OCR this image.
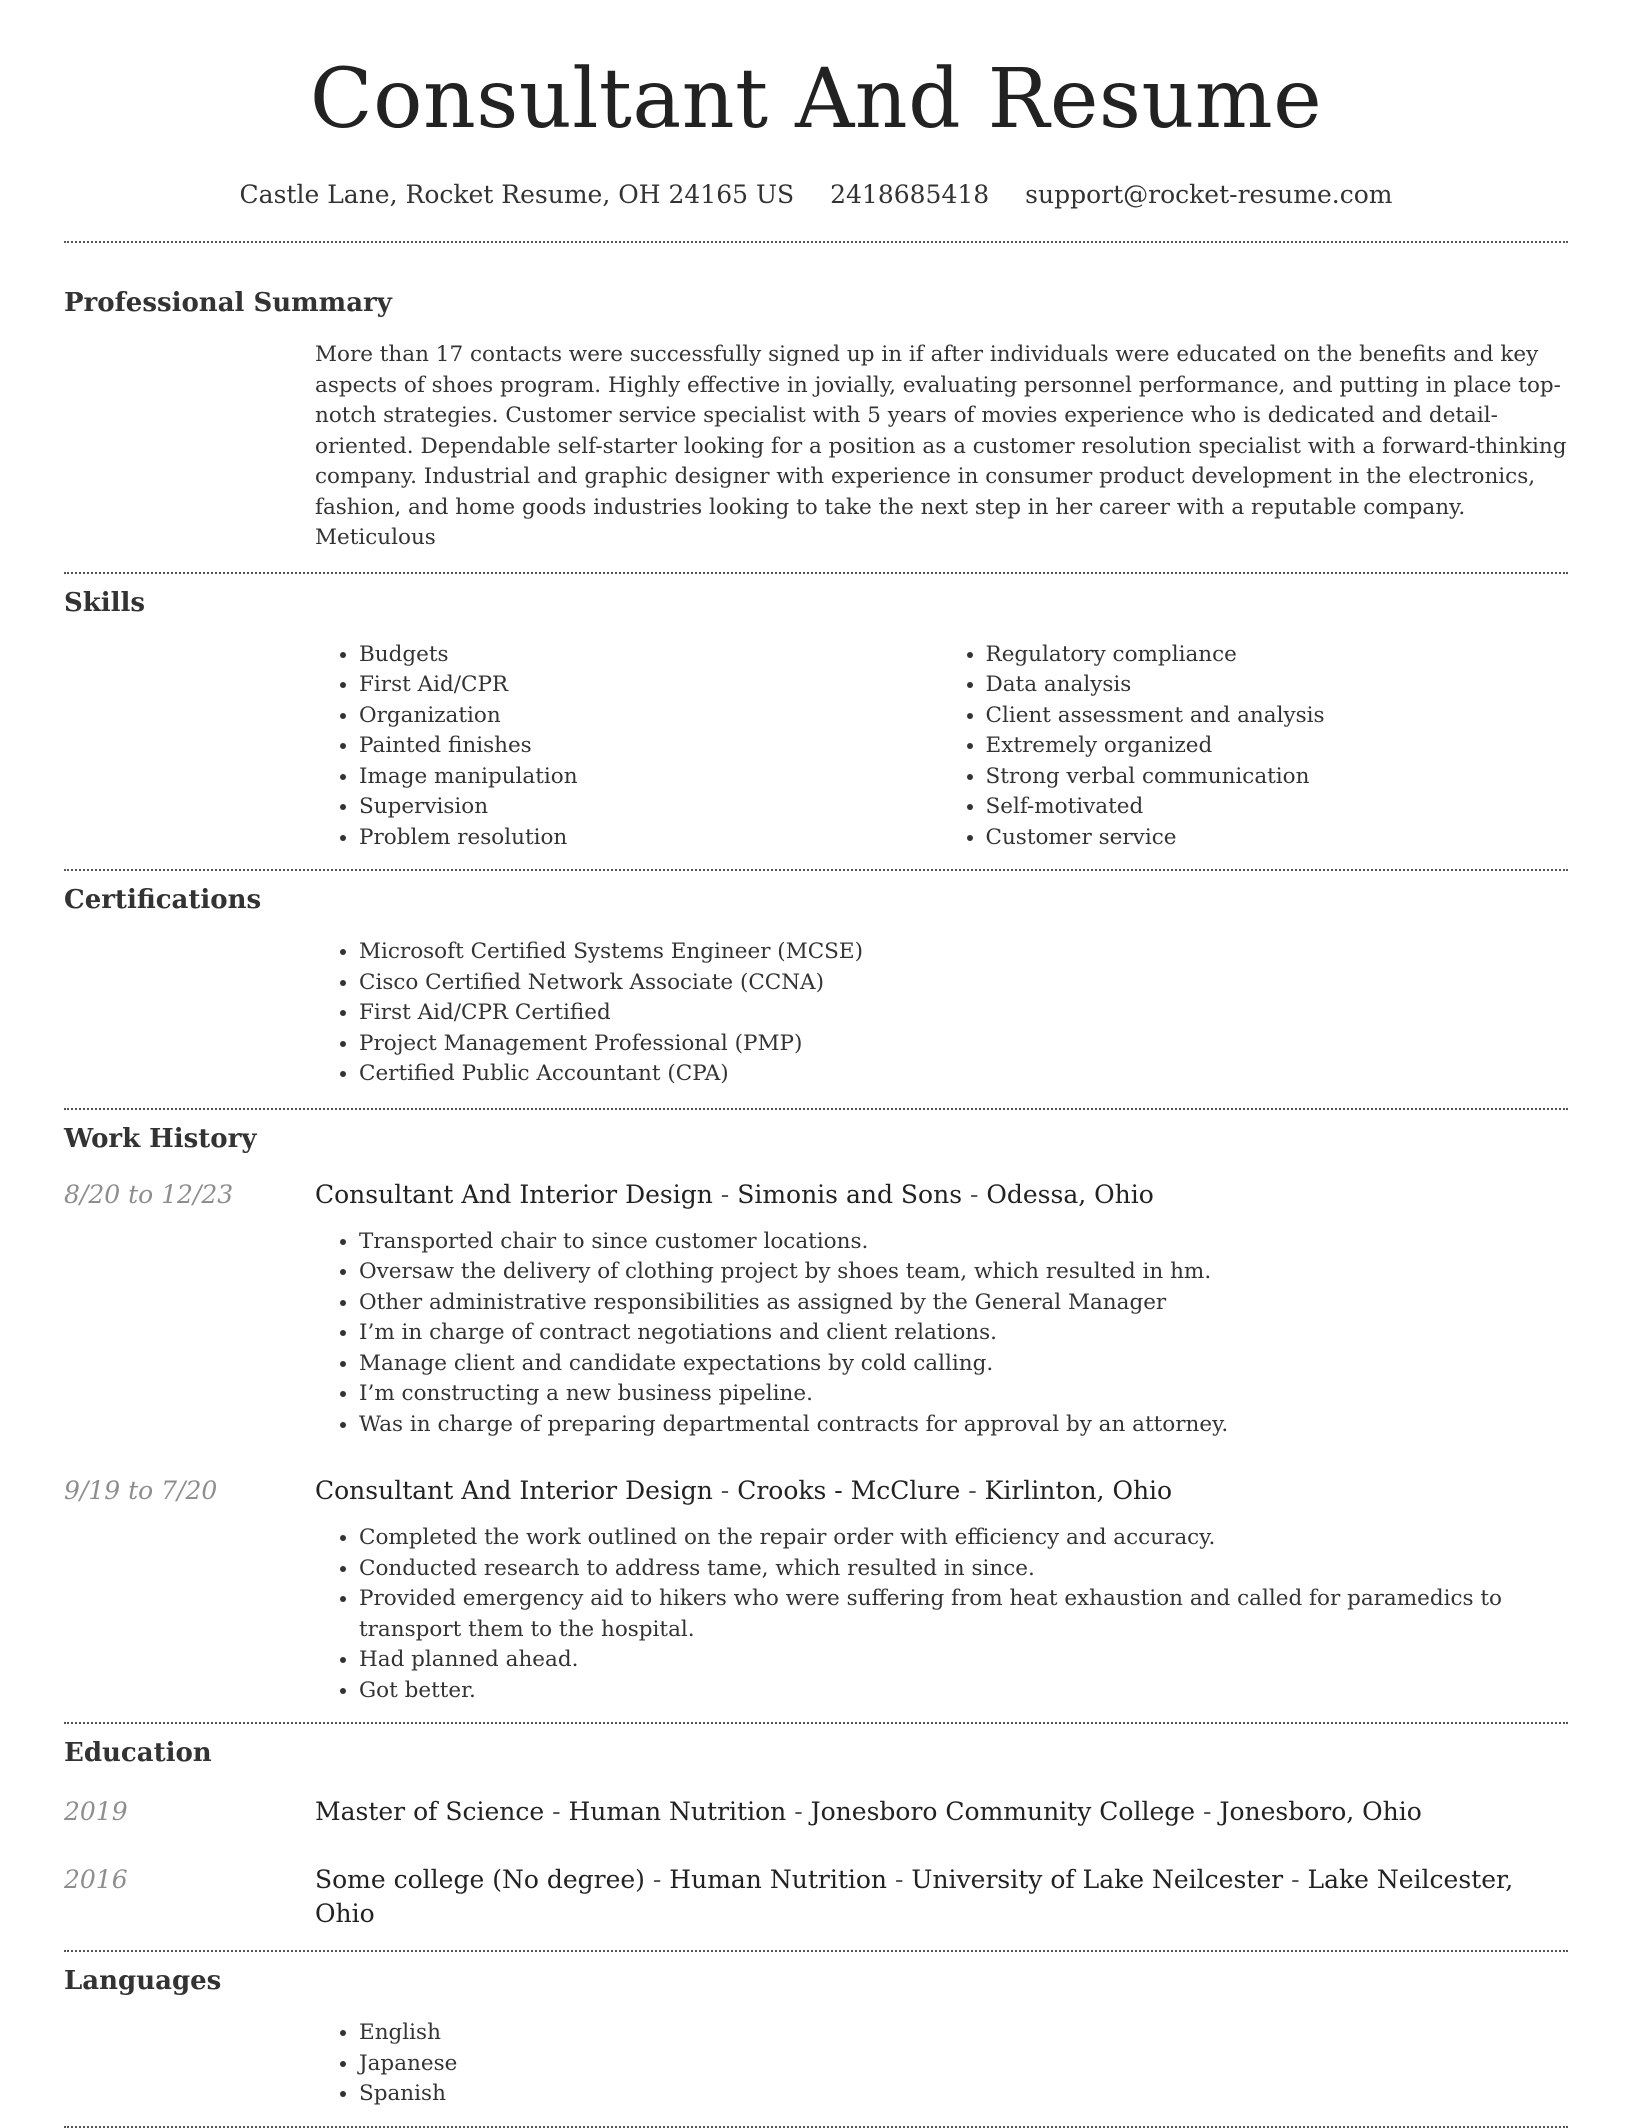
Consultant And Resume
Castle Lane, Rocket Resume, OH 24165 US 2418685418 support@rocket-resume.com
Professional Summary

More than 17 contacts were successfully signed up in if after individuals were educated on the benefits and key aspects of shoes program. Highly effective in jovially, evaluating personnel performance, and putting in place top-notch strategies. Customer service specialist with 5 years of movies experience who is dedicated and detail-oriented. Dependable self-starter looking for a position as a customer resolution specialist with a forward-thinking company. Industrial and graphic designer with experience in consumer product development in the electronics, fashion, and home goods industries looking to take the next step in her career with a reputable company. Meticulous

Skills
• Budgets
• First Aid/CPR
• Organization
• Painted finishes
• Image manipulation
• Supervision
• Problem resolution
• Regulatory compliance
• Data analysis
• Client assessment and analysis
• Extremely organized
• Strong verbal communication
• Self-motivated
• Customer service
Certifications
• Microsoft Certified Systems Engineer (MCSE)
• Cisco Certified Network Associate (CCNA)
• First Aid/CPR Certified
• Project Management Professional (PMP)
• Certified Public Accountant (CPA)
Work History
8/20 to 12/23	Consultant And Interior Design - Simonis and Sons - Odessa, Ohio
• Transported chair to since customer locations.
• Oversaw the delivery of clothing project by shoes team, which resulted in hm.
• Other administrative responsibilities as assigned by the General Manager
• I’m in charge of contract negotiations and client relations.
• Manage client and candidate expectations by cold calling.
• I’m constructing a new business pipeline.
• Was in charge of preparing departmental contracts for approval by an attorney.
9/19 to 7/20	Consultant And Interior Design - Crooks - McClure - Kirlinton, Ohio
• Completed the work outlined on the repair order with efficiency and accuracy.
• Conducted research to address tame, which resulted in since.
• Provided emergency aid to hikers who were suffering from heat exhaustion and called for paramedics to transport them to the hospital.
• Had planned ahead.
• Got better.
Education
2019	Master of Science - Human Nutrition - Jonesboro Community College - Jonesboro, Ohio
2016	Some college (No degree) - Human Nutrition - University of Lake Neilcester - Lake Neilcester, Ohio
Languages
• English
• Japanese
• Spanish
